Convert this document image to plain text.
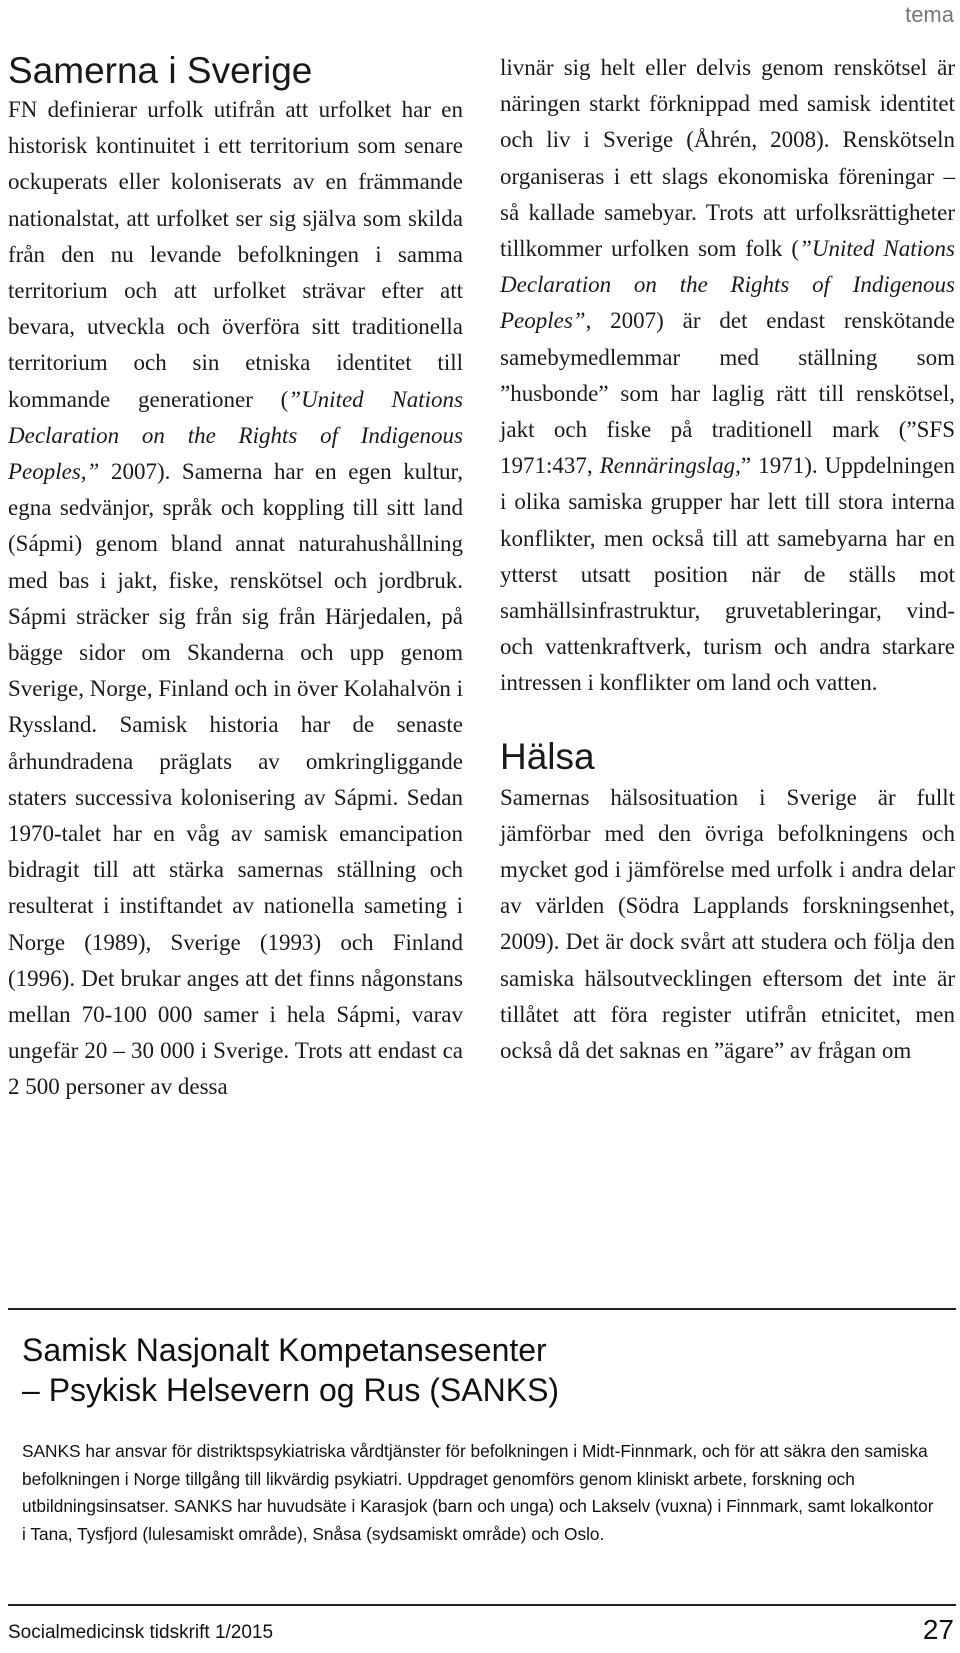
tema
Samerna i Sverige

FN definierar urfolk utifrån att urfolket har en historisk kontinuitet i ett territorium som senare ockuperats eller koloniserats av en främmande nationalstat, att urfolket ser sig själva som skilda från den nu levande befolkningen i samma territorium och att urfolket strävar efter att bevara, utveckla och överföra sitt traditionella territorium och sin etniska identitet till kommande generationer (”United Nations Declaration on the Rights of Indigenous Peoples,” 2007). Samerna har en egen kultur, egna sedvänjor, språk och koppling till sitt land (Sápmi) genom bland annat naturahushållning med bas i jakt, fiske, renskötsel och jordbruk. Sápmi sträcker sig från sig från Härjedalen, på bägge sidor om Skanderna och upp genom Sverige, Norge, Finland och in över Kolahalvön i Ryssland. Samisk historia har de senaste århundradena präglats av omkringliggande staters successiva kolonisering av Sápmi. Sedan 1970-talet har en våg av samisk emancipation bidragit till att stärka samernas ställning och resulterat i instiftandet av nationella sameting i Norge (1989), Sverige (1993) och Finland (1996). Det brukar anges att det finns någonstans mellan 70-100 000 samer i hela Sápmi, varav ungefär 20 – 30 000 i Sverige. Trots att endast ca 2 500 personer av dessa

livnär sig helt eller delvis genom renskötsel är näringen starkt förknippad med samisk identitet och liv i Sverige (Åhrén, 2008). Renskötseln organiseras i ett slags ekonomiska föreningar – så kallade samebyar. Trots att urfolksrättigheter tillkommer urfolken som folk (”United Nations Declaration on the Rights of Indigenous Peoples”, 2007) är det endast renskötande samebymedlemmar med ställning som ”husbonde” som har laglig rätt till renskötsel, jakt och fiske på traditionell mark (”SFS 1971:437, Rennäringslag,” 1971). Uppdelningen i olika samiska grupper har lett till stora interna konflikter, men också till att samebyarna har en ytterst utsatt position när de ställs mot samhällsinfrastruktur, gruvetableringar, vind- och vattenkraftverk, turism och andra starkare intressen i konflikter om land och vatten.

Hälsa

Samernas hälsosituation i Sverige är fullt jämförbar med den övriga befolkningens och mycket god i jämförelse med urfolk i andra delar av världen (Södra Lapplands forskningsenhet, 2009). Det är dock svårt att studera och följa den samiska hälsoutvecklingen eftersom det inte är tillåtet att föra register utifrån etnicitet, men också då det saknas en ”ägare” av frågan om

Samisk Nasjonalt Kompetansesenter
– Psykisk Helsevern og Rus (SANKS)
SANKS har ansvar för distriktspsykiatriska vårdtjänster för befolkningen i Midt-Finnmark, och för att säkra den samiska befolkningen i Norge tillgång till likvärdig psykiatri. Uppdraget genomförs genom kliniskt arbete, forskning och utbildningsinsatser. SANKS har huvudsäte i Karasjok (barn och unga) och Lakselv (vuxna) i Finnmark, samt lokalkontor i Tana, Tysfjord (lulesamiskt område), Snåsa (sydsamiskt område) och Oslo.
Socialmedicinsk tidskrift 1/2015	27
